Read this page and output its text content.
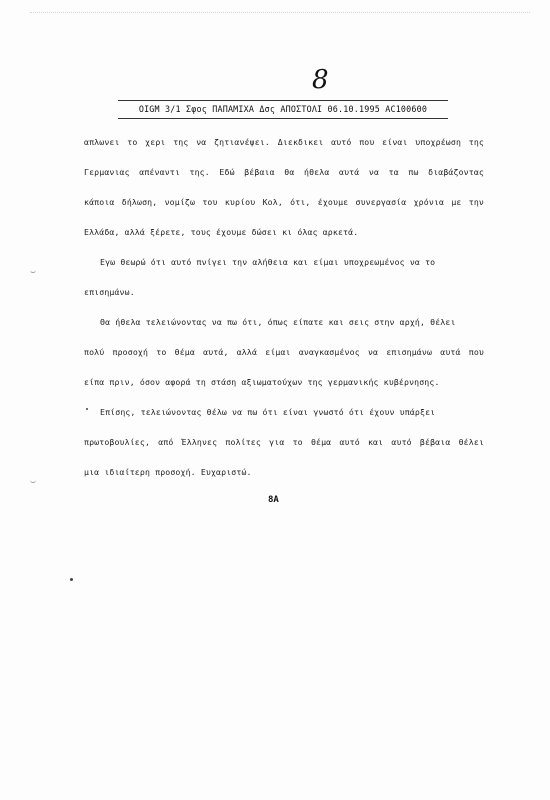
8
OIGM 3/1 Σφος ΠΑΠΑΜΙΧΑ Δσς ΑΠΟΣΤΟΛΙ 06.10.1995 AC100600
απλωνει το χερι της να ζητιανέψει. Διεκδικει αυτό που είναι υποχρέωση της
Γερμανιας απέναντι της. Εδώ βέβαια θα ήθελα αυτά να τα πω διαβάζοντας
κάποια δήλωση, νομίζω του κυρίου Κολ, ότι, έχουμε συνεργασία χρόνια με την
Ελλάδα, αλλά ξέρετε, τους έχουμε δώσει κι όλας αρκετά.
Εγω θεωρώ ότι αυτό πνίγει την αλήθεια και είμαι υποχρεωμένος να το
επισημάνω.
Θα ήθελα τελειώνοντας να πω ότι, όπως είπατε και σεις στην αρχή, θέλει
πολύ προσοχή το θέμα αυτά, αλλά είμαι αναγκασμένος να επισημάνω αυτά που
είπα πριν, όσον αφορά τη στάση αξιωματούχων της γερμανικής κυβέρνησης.
Επίσης, τελειώνοντας θέλω να πω ότι είναι γνωστό ότι έχουν υπάρξει
πρωτοβουλίες, από Έλληνες πολίτες για το θέμα αυτό και αυτό βέβαια θέλει
μια ιδιαίτερη προσοχή. Ευχαριστώ.
8A
